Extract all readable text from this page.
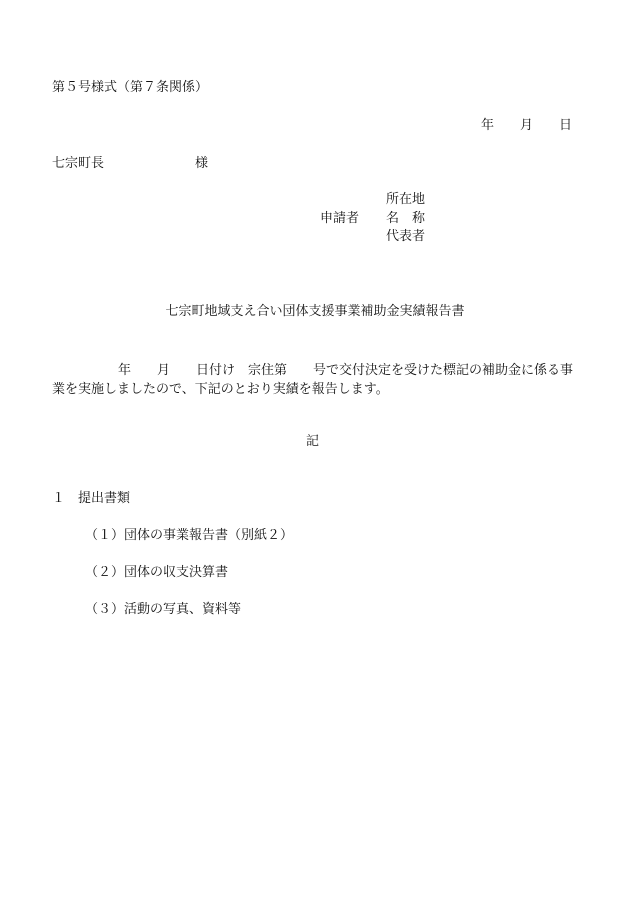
第５号様式（第７条関係）
年　　月　　日
七宗町長　　　　　　　様
申請者
所在地
名　称
代表者
七宗町地域支え合い団体支援事業補助金実績報告書
年　　月　　日付け　宗住第　　号で交付決定を受けた標記の補助金に係る事業を実施しましたので、下記のとおり実績を報告します。
記
１　提出書類
（１）団体の事業報告書（別紙２）
（２）団体の収支決算書
（３）活動の写真、資料等
